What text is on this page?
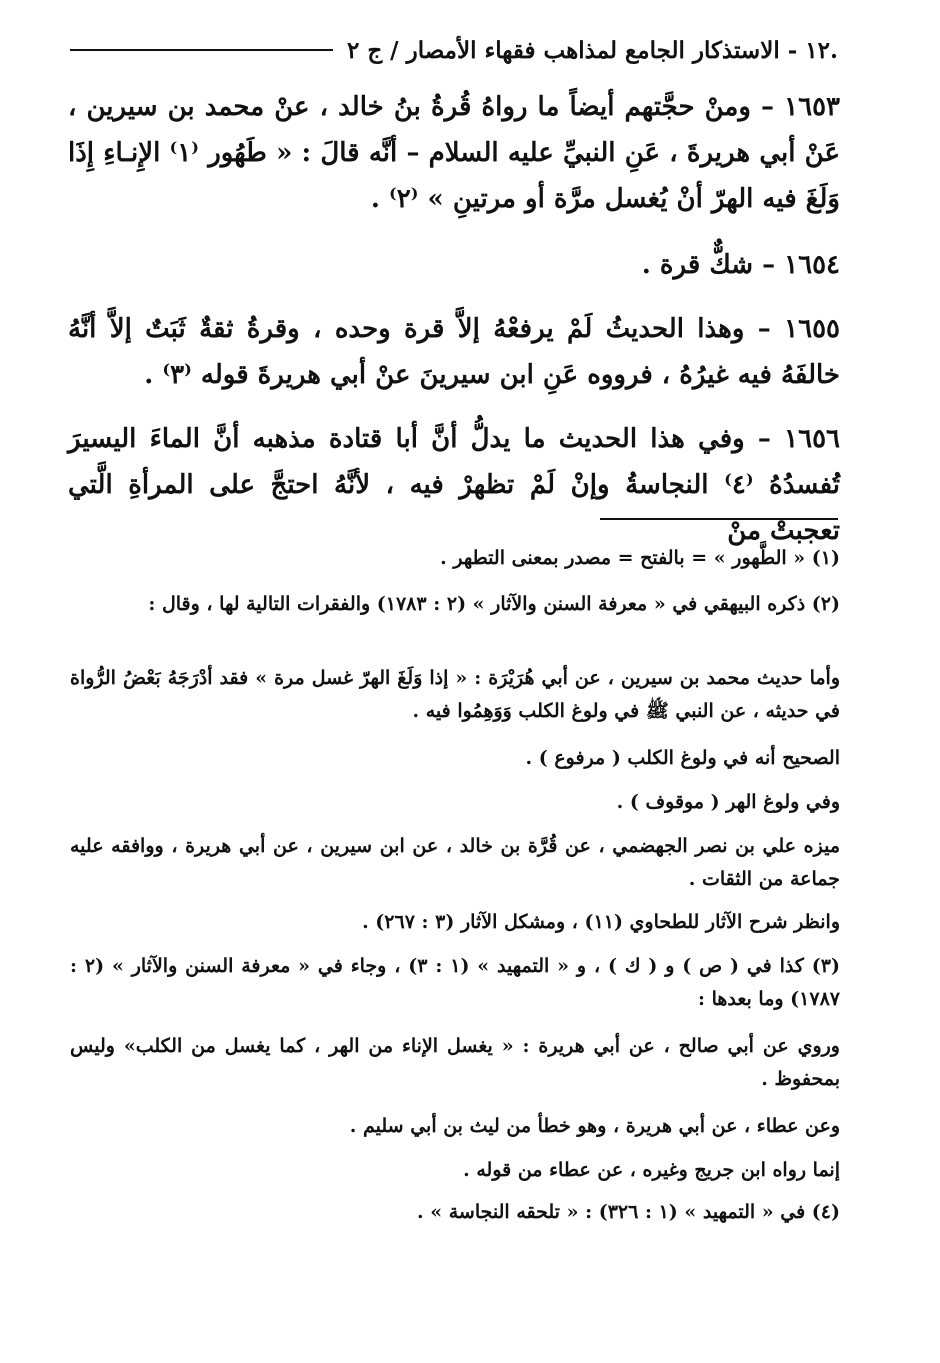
.١٢ - الاستذكار الجامع لمذاهب فقهاء الأمصار / ج ٢
١٦٥٣ – ومنْ حجَّتهم أيضاً ما رواهُ قُرةُ بنُ خالد ، عنْ محمد بن سيرين ، عَنْ أبي هريرةَ ، عَنِ النبيِّ عليه السلام – أنَّه قالَ : « طَهُور ⁽١⁾ الإِنـاءِ إِذَا وَلَغَ فيه الهرّ أنْ يُغسل مرَّة أو مرتينِ » ⁽٢⁾ .
١٦٥٤ – شكٌّ قرة .
١٦٥٥ – وهذا الحديثُ لَمْ يرفعْهُ إلاَّ قرة وحده ، وقرةُ ثقةٌ ثَبَتٌ إلاَّ أنَّهُ خالفَهُ فيه غيرُهُ ، فرووه عَنِ ابن سيرينَ عنْ أبي هريرةَ قوله ⁽٣⁾ .
١٦٥٦ – وفي هذا الحديث ما يدلُّ أنَّ أبا قتادة مذهبه أنَّ الماءَ اليسيرَ تُفسدُهُ ⁽٤⁾ النجاسةُ وإنْ لَمْ تظهرْ فيه ، لأنَّهُ احتجَّ على المرأةِ الَّتي تعجبتْ منْ
(١) « الطَّهور » = بالفتح = مصدر بمعنى التطهر .
(٢) ذكره البيهقي في « معرفة السنن والآثار » (٢ : ١٧٨٣) والفقرات التالية لها ، وقال :
وأما حديث محمد بن سيرين ، عن أبي هُرَيْرَة : « إذا وَلَغَ الهرّ غسل مرة » فقد أدْرَجَهُ بَعْضُ الرُّواة في حديثه ، عن النبي ﷺ في ولوغ الكلب وَوَهِمُوا فيه .
الصحيح أنه في ولوغ الكلب ( مرفوع ) .
وفي ولوغ الهر ( موقوف ) .
ميزه علي بن نصر الجهضمي ، عن قُرَّة بن خالد ، عن ابن سيرين ، عن أبي هريرة ، ووافقه عليه جماعة من الثقات .
وانظر شرح الآثار للطحاوي (١١) ، ومشكل الآثار (٣ : ٢٦٧) .
(٣) كذا في ( ص ) و ( ك ) ، و « التمهيد » (١ : ٣) ، وجاء في « معرفة السنن والآثار » (٢ : ١٧٨٧) وما بعدها :
وروي عن أبي صالح ، عن أبي هريرة : « يغسل الإناء من الهر ، كما يغسل من الكلب» وليس بمحفوظ .
وعن عطاء ، عن أبي هريرة ، وهو خطأ من ليث بن أبي سليم .
إنما رواه ابن جريج وغيره ، عن عطاء من قوله .
(٤) في « التمهيد » (١ : ٣٢٦) : « تلحقه النجاسة » .
